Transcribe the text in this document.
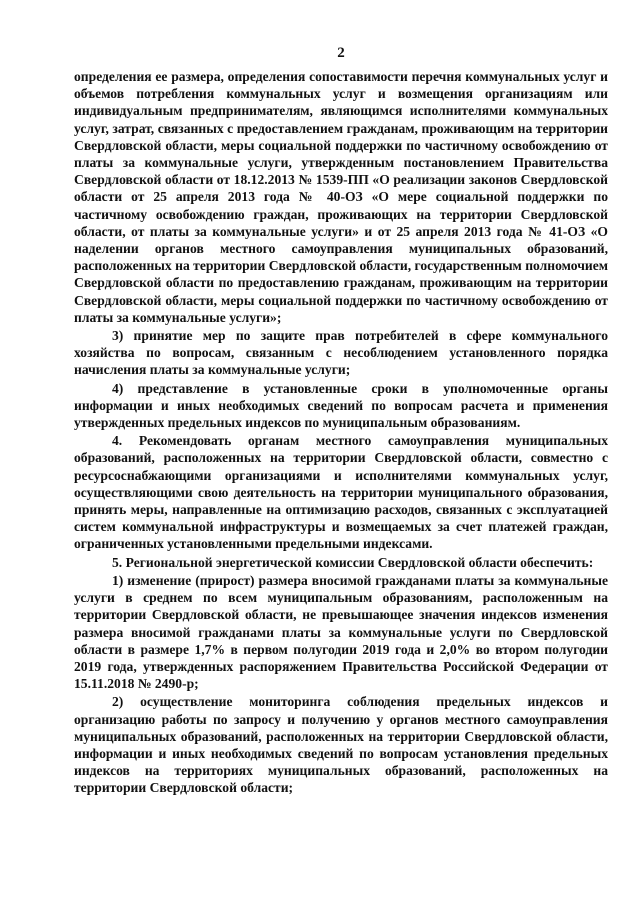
2

определения ее размера, определения сопоставимости перечня коммунальных услуг и объемов потребления коммунальных услуг и возмещения организациям или индивидуальным предпринимателям, являющимся исполнителями коммунальных услуг, затрат, связанных с предоставлением гражданам, проживающим на территории Свердловской области, меры социальной поддержки по частичному освобождению от платы за коммунальные услуги, утвержденным постановлением Правительства Свердловской области от 18.12.2013 № 1539-ПП «О реализации законов Свердловской области от 25 апреля 2013 года № 40-ОЗ «О мере социальной поддержки по частичному освобождению граждан, проживающих на территории Свердловской области, от платы за коммунальные услуги» и от 25 апреля 2013 года № 41-ОЗ «О наделении органов местного самоуправления муниципальных образований, расположенных на территории Свердловской области, государственным полномочием Свердловской области по предоставлению гражданам, проживающим на территории Свердловской области, меры социальной поддержки по частичному освобождению от платы за коммунальные услуги»;

3) принятие мер по защите прав потребителей в сфере коммунального хозяйства по вопросам, связанным с несоблюдением установленного порядка начисления платы за коммунальные услуги;

4) представление в установленные сроки в уполномоченные органы информации и иных необходимых сведений по вопросам расчета и применения утвержденных предельных индексов по муниципальным образованиям.

4. Рекомендовать органам местного самоуправления муниципальных образований, расположенных на территории Свердловской области, совместно с ресурсоснабжающими организациями и исполнителями коммунальных услуг, осуществляющими свою деятельность на территории муниципального образования, принять меры, направленные на оптимизацию расходов, связанных с эксплуатацией систем коммунальной инфраструктуры и возмещаемых за счет платежей граждан, ограниченных установленными предельными индексами.

5. Региональной энергетической комиссии Свердловской области обеспечить:

1) изменение (прирост) размера вносимой гражданами платы за коммунальные услуги в среднем по всем муниципальным образованиям, расположенным на территории Свердловской области, не превышающее значения индексов изменения размера вносимой гражданами платы за коммунальные услуги по Свердловской области в размере 1,7% в первом полугодии 2019 года и 2,0% во втором полугодии 2019 года, утвержденных распоряжением Правительства Российской Федерации от 15.11.2018 № 2490-р;

2) осуществление мониторинга соблюдения предельных индексов и организацию работы по запросу и получению у органов местного самоуправления муниципальных образований, расположенных на территории Свердловской области, информации и иных необходимых сведений по вопросам установления предельных индексов на территориях муниципальных образований, расположенных на территории Свердловской области;
